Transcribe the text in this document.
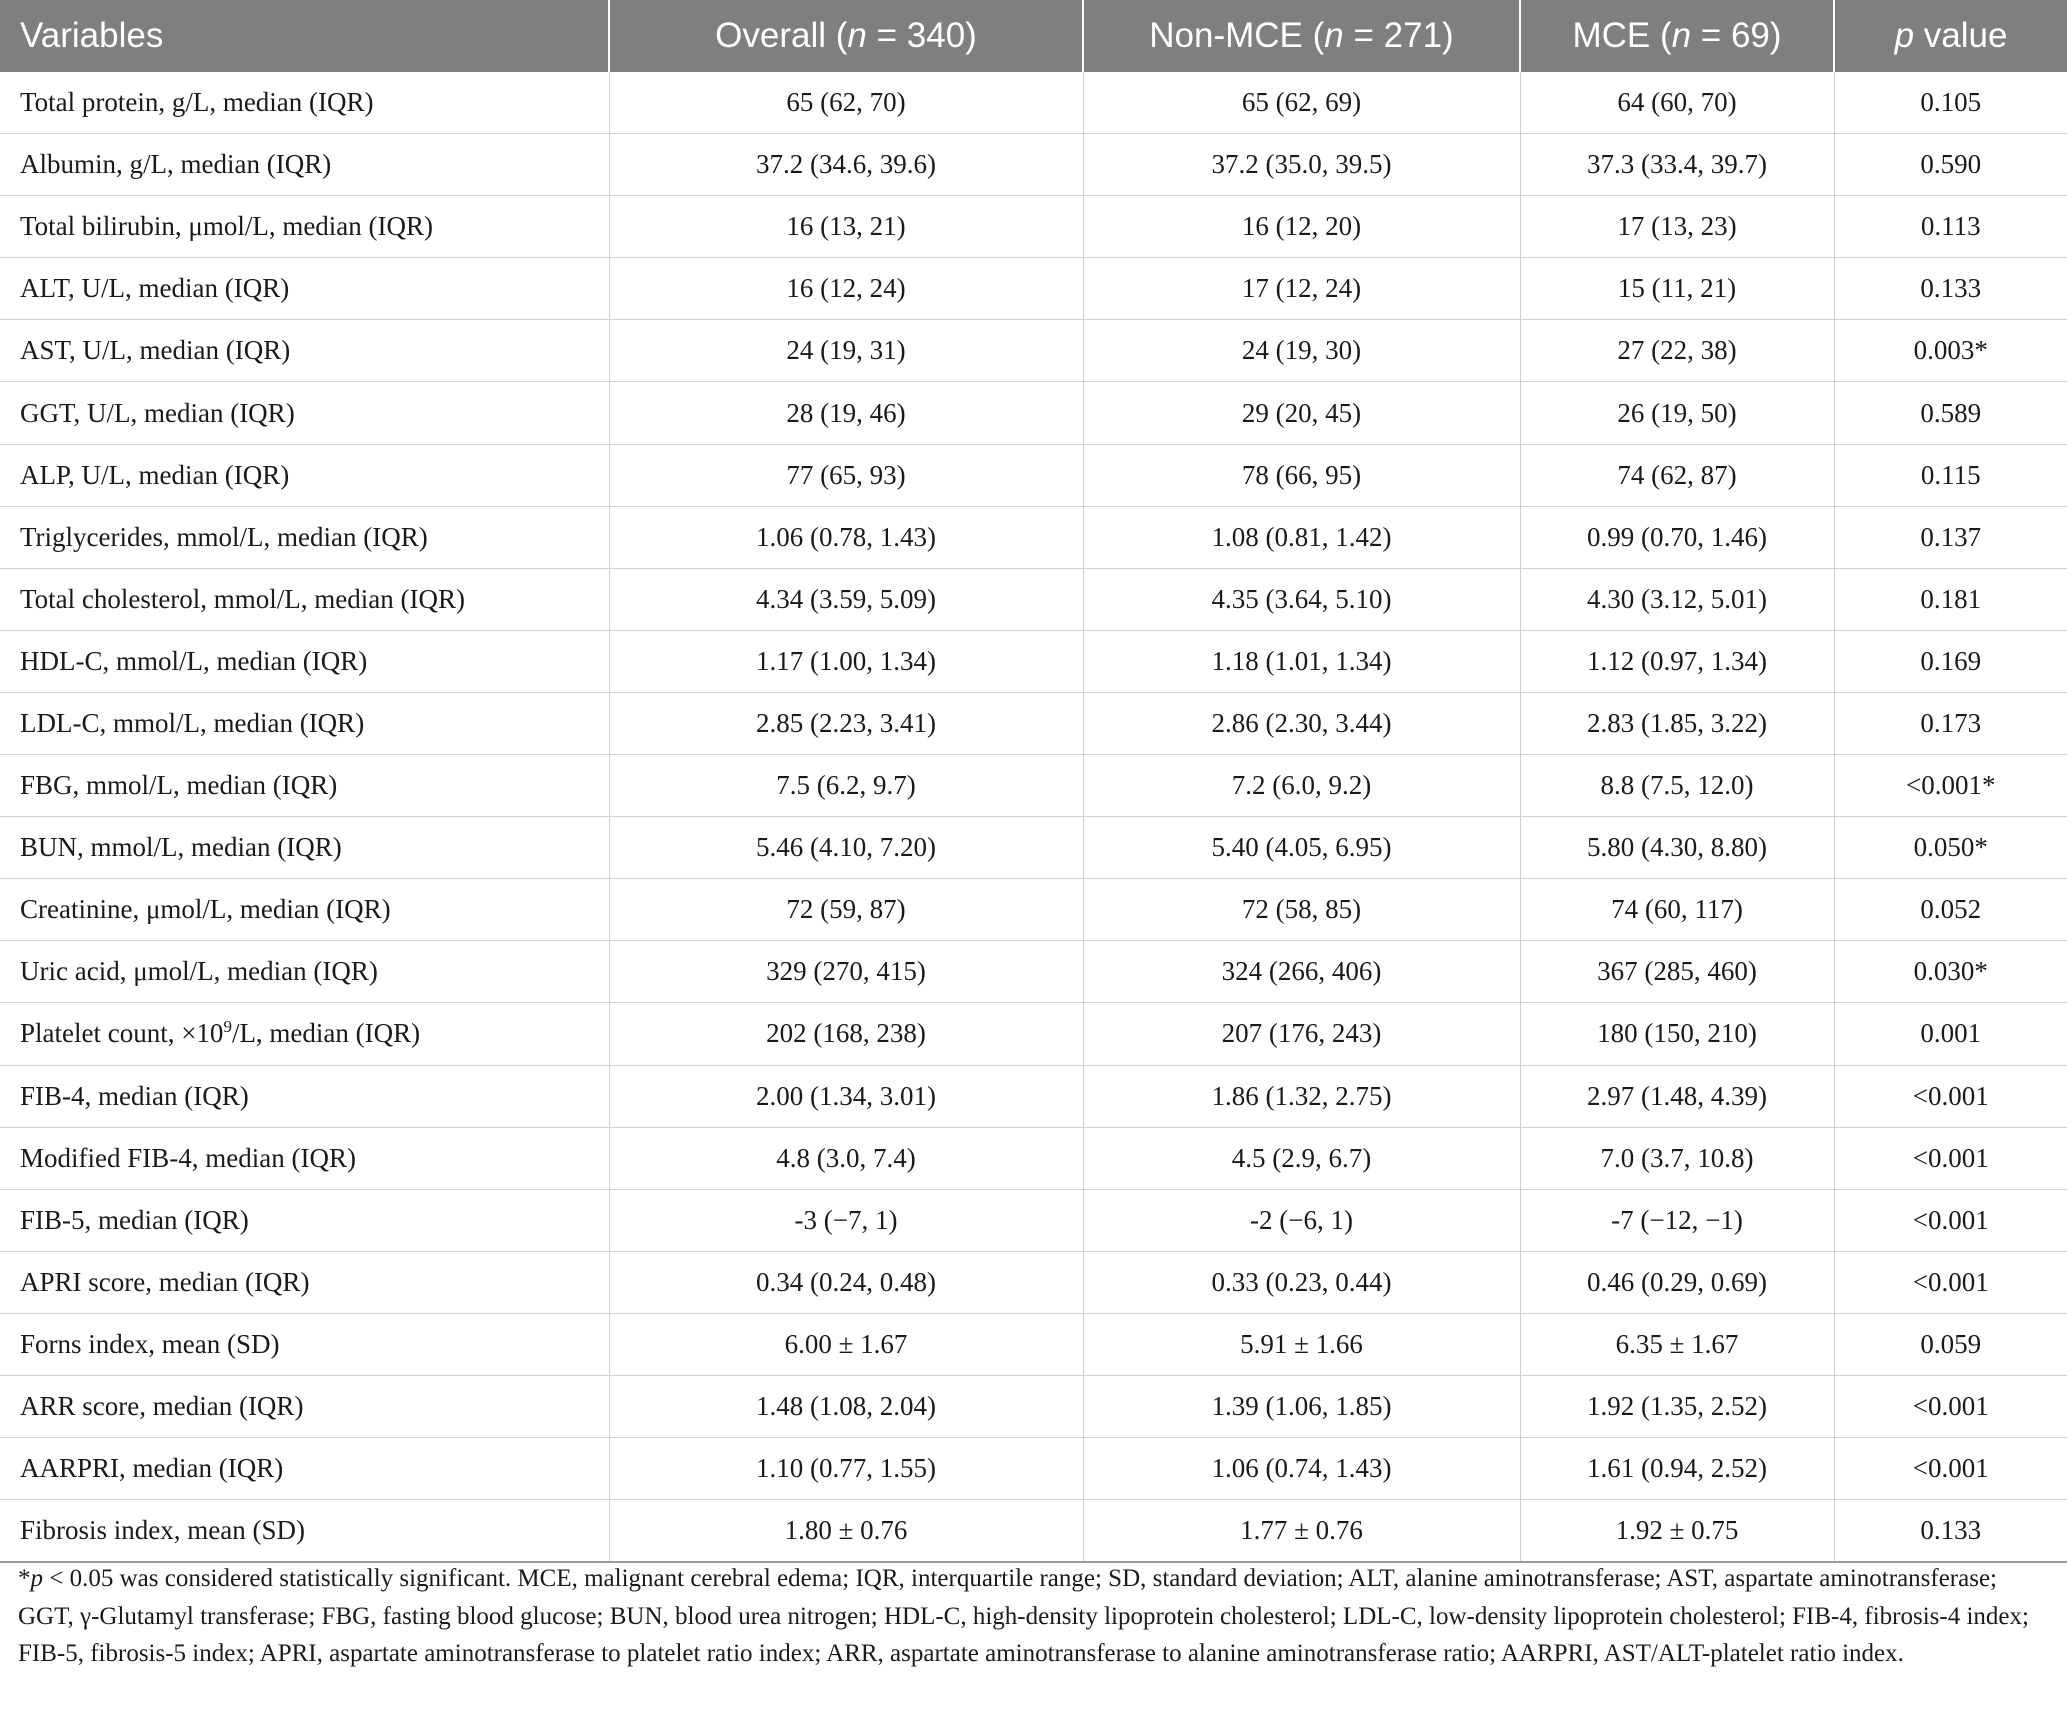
Variables	Overall (n = 340)	Non-MCE (n = 271)	MCE (n = 69)	p value
Total protein, g/L, median (IQR)	65 (62, 70)	65 (62, 69)	64 (60, 70)	0.105
Albumin, g/L, median (IQR)	37.2 (34.6, 39.6)	37.2 (35.0, 39.5)	37.3 (33.4, 39.7)	0.590
Total bilirubin, μmol/L, median (IQR)	16 (13, 21)	16 (12, 20)	17 (13, 23)	0.113
ALT, U/L, median (IQR)	16 (12, 24)	17 (12, 24)	15 (11, 21)	0.133
AST, U/L, median (IQR)	24 (19, 31)	24 (19, 30)	27 (22, 38)	0.003*
GGT, U/L, median (IQR)	28 (19, 46)	29 (20, 45)	26 (19, 50)	0.589
ALP, U/L, median (IQR)	77 (65, 93)	78 (66, 95)	74 (62, 87)	0.115
Triglycerides, mmol/L, median (IQR)	1.06 (0.78, 1.43)	1.08 (0.81, 1.42)	0.99 (0.70, 1.46)	0.137
Total cholesterol, mmol/L, median (IQR)	4.34 (3.59, 5.09)	4.35 (3.64, 5.10)	4.30 (3.12, 5.01)	0.181
HDL-C, mmol/L, median (IQR)	1.17 (1.00, 1.34)	1.18 (1.01, 1.34)	1.12 (0.97, 1.34)	0.169
LDL-C, mmol/L, median (IQR)	2.85 (2.23, 3.41)	2.86 (2.30, 3.44)	2.83 (1.85, 3.22)	0.173
FBG, mmol/L, median (IQR)	7.5 (6.2, 9.7)	7.2 (6.0, 9.2)	8.8 (7.5, 12.0)	<0.001*
BUN, mmol/L, median (IQR)	5.46 (4.10, 7.20)	5.40 (4.05, 6.95)	5.80 (4.30, 8.80)	0.050*
Creatinine, μmol/L, median (IQR)	72 (59, 87)	72 (58, 85)	74 (60, 117)	0.052
Uric acid, μmol/L, median (IQR)	329 (270, 415)	324 (266, 406)	367 (285, 460)	0.030*
Platelet count, $\times 10^9/L$, median (IQR)	202 (168, 238)	207 (176, 243)	180 (150, 210)	0.001
FIB-4, median (IQR)	2.00 (1.34, 3.01)	1.86 (1.32, 2.75)	2.97 (1.48, 4.39)	<0.001
Modified FIB-4, median (IQR)	4.8 (3.0, 7.4)	4.5 (2.9, 6.7)	7.0 (3.7, 10.8)	<0.001
FIB-5, median (IQR)	-3 (−7, 1)	-2 (−6, 1)	-7 (−12, −1)	<0.001
APRI score, median (IQR)	0.34 (0.24, 0.48)	0.33 (0.23, 0.44)	0.46 (0.29, 0.69)	<0.001
Forns index, mean (SD)	6.00 ± 1.67	5.91 ± 1.66	6.35 ± 1.67	0.059
ARR score, median (IQR)	1.48 (1.08, 2.04)	1.39 (1.06, 1.85)	1.92 (1.35, 2.52)	<0.001
AARPRI, median (IQR)	1.10 (0.77, 1.55)	1.06 (0.74, 1.43)	1.61 (0.94, 2.52)	<0.001
Fibrosis index, mean (SD)	1.80 ± 0.76	1.77 ± 0.76	1.92 ± 0.75	0.133
*p < 0.05 was considered statistically significant. MCE, malignant cerebral edema; IQR, interquartile range; SD, standard deviation; ALT, alanine aminotransferase; AST, aspartate aminotransferase; GGT, γ-Glutamyl transferase; FBG, fasting blood glucose; BUN, blood urea nitrogen; HDL-C, high-density lipoprotein cholesterol; LDL-C, low-density lipoprotein cholesterol; FIB-4, fibrosis-4 index; FIB-5, fibrosis-5 index; APRI, aspartate aminotransferase to platelet ratio index; ARR, aspartate aminotransferase to alanine aminotransferase ratio; AARPRI, AST/ALT-platelet ratio index.
